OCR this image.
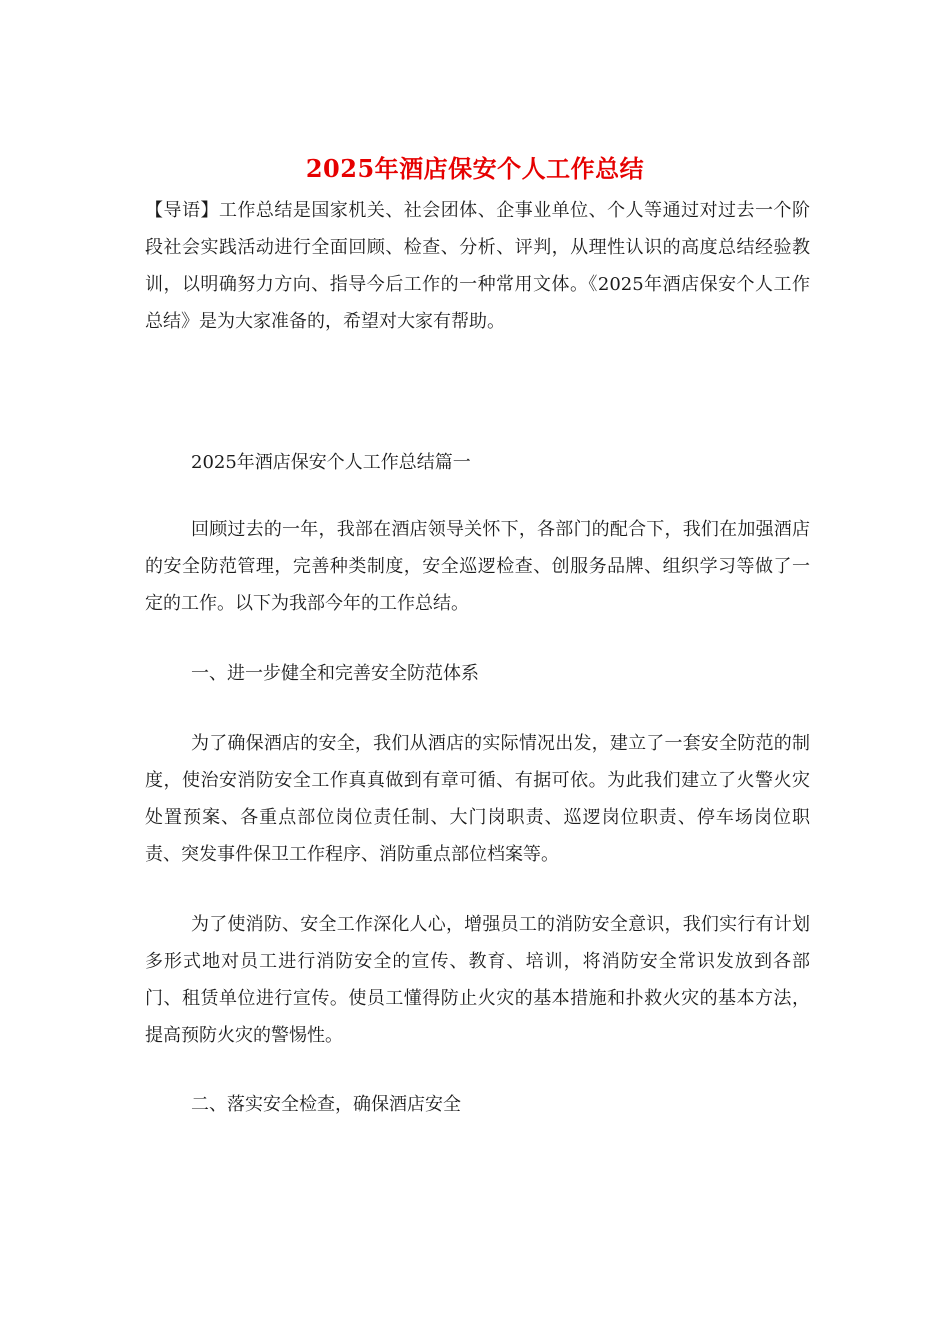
2025年酒店保安个人工作总结
【导语】工作总结是国家机关、社会团体、企事业单位、个人等通过对过去一个阶段社会实践活动进行全面回顾、检查、分析、评判，从理性认识的高度总结经验教训，以明确努力方向、指导今后工作的一种常用文体。《2025年酒店保安个人工作总结》是为大家准备的，希望对大家有帮助。
2025年酒店保安个人工作总结篇一
回顾过去的一年，我部在酒店领导关怀下，各部门的配合下，我们在加强酒店的安全防范管理，完善种类制度，安全巡逻检查、创服务品牌、组织学习等做了一定的工作。以下为我部今年的工作总结。
一、进一步健全和完善安全防范体系
为了确保酒店的安全，我们从酒店的实际情况出发，建立了一套安全防范的制度，使治安消防安全工作真真做到有章可循、有据可依。为此我们建立了火警火灾处置预案、各重点部位岗位责任制、大门岗职责、巡逻岗位职责、停车场岗位职责、突发事件保卫工作程序、消防重点部位档案等。
为了使消防、安全工作深化人心，增强员工的消防安全意识，我们实行有计划多形式地对员工进行消防安全的宣传、教育、培训，将消防安全常识发放到各部门、租赁单位进行宣传。使员工懂得防止火灾的基本措施和扑救火灾的基本方法，提高预防火灾的警惕性。
二、落实安全检查，确保酒店安全
